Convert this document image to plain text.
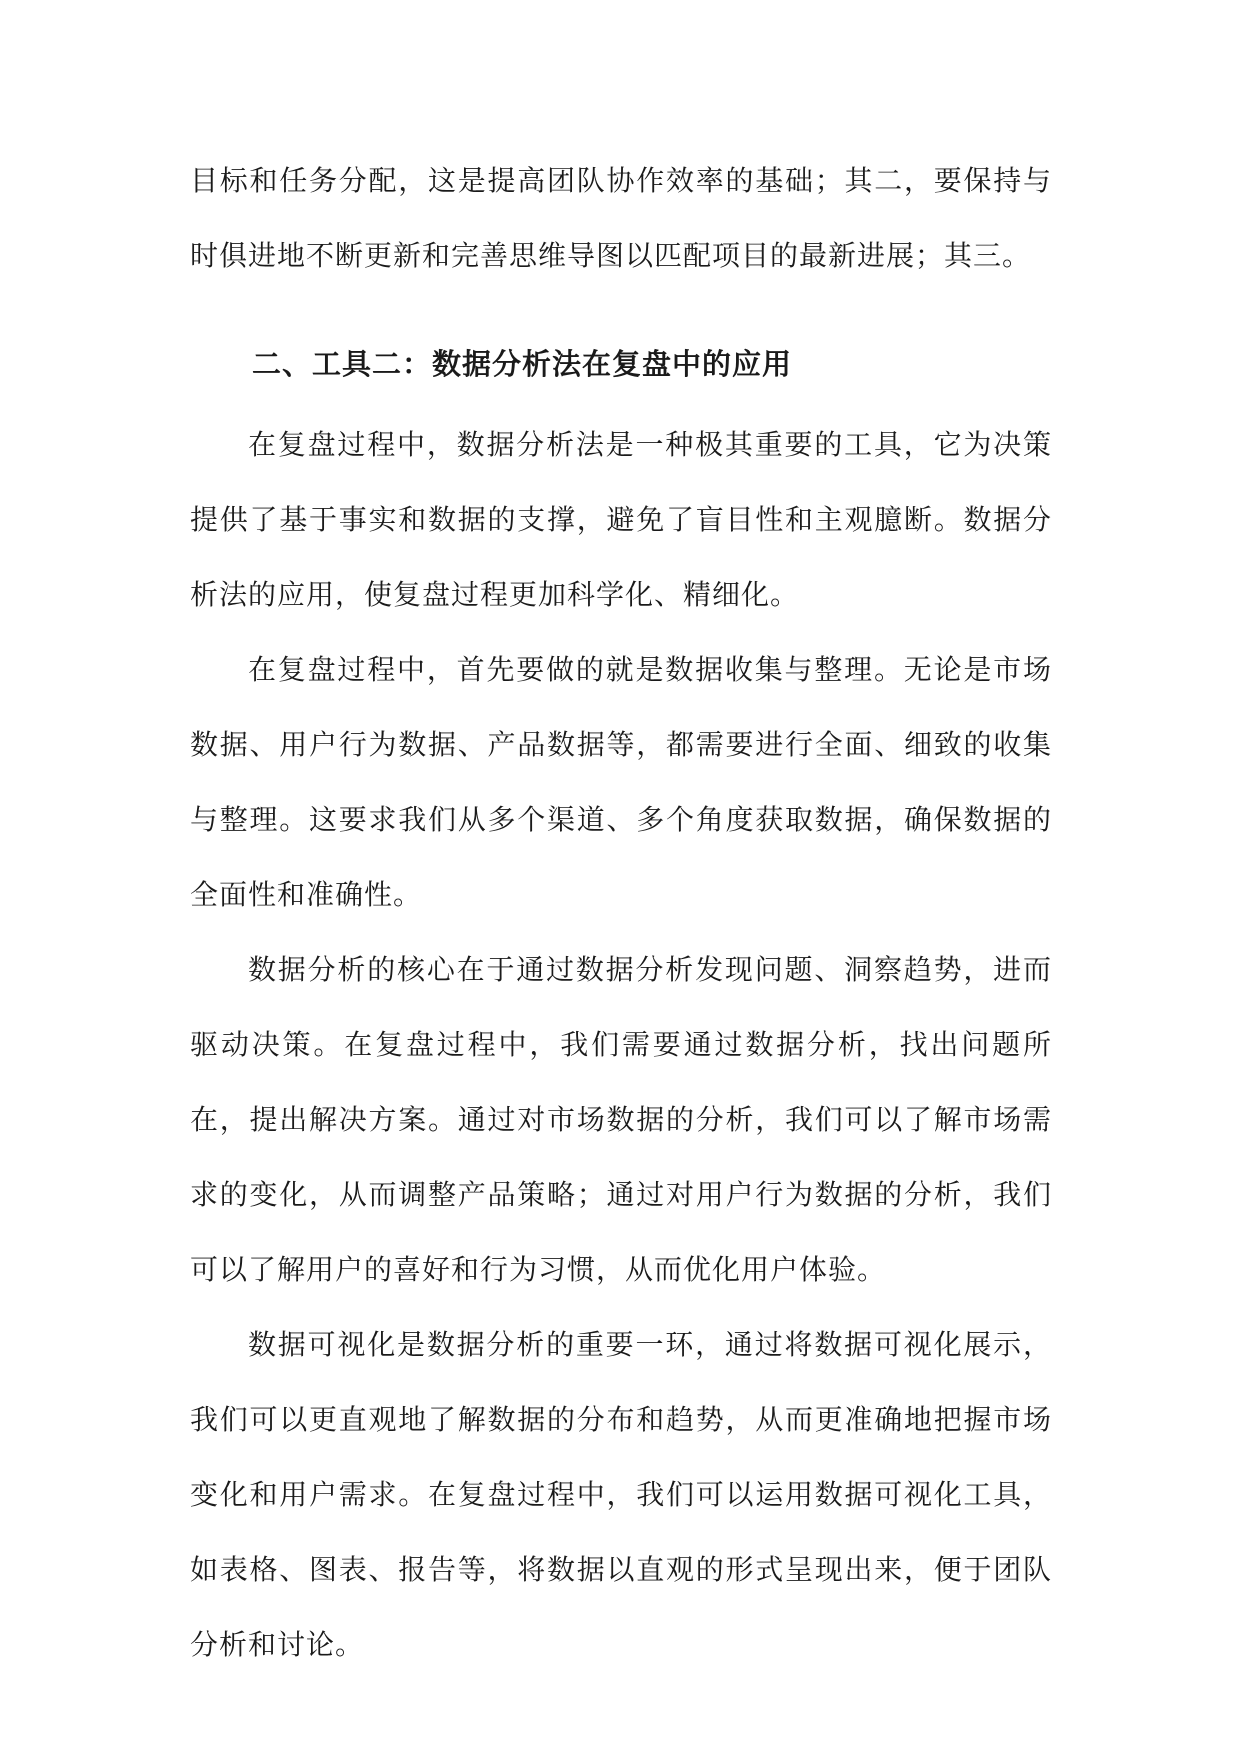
目标和任务分配，这是提高团队协作效率的基础；其二，要保持与时俱进地不断更新和完善思维导图以匹配项目的最新进展；其三。

二、工具二：数据分析法在复盘中的应用

在复盘过程中，数据分析法是一种极其重要的工具，它为决策提供了基于事实和数据的支撑，避免了盲目性和主观臆断。数据分析法的应用，使复盘过程更加科学化、精细化。

在复盘过程中，首先要做的就是数据收集与整理。无论是市场数据、用户行为数据、产品数据等，都需要进行全面、细致的收集与整理。这要求我们从多个渠道、多个角度获取数据，确保数据的全面性和准确性。

数据分析的核心在于通过数据分析发现问题、洞察趋势，进而驱动决策。在复盘过程中，我们需要通过数据分析，找出问题所在，提出解决方案。通过对市场数据的分析，我们可以了解市场需求的变化，从而调整产品策略；通过对用户行为数据的分析，我们可以了解用户的喜好和行为习惯，从而优化用户体验。

数据可视化是数据分析的重要一环，通过将数据可视化展示，我们可以更直观地了解数据的分布和趋势，从而更准确地把握市场变化和用户需求。在复盘过程中，我们可以运用数据可视化工具，如表格、图表、报告等，将数据以直观的形式呈现出来，便于团队分析和讨论。
